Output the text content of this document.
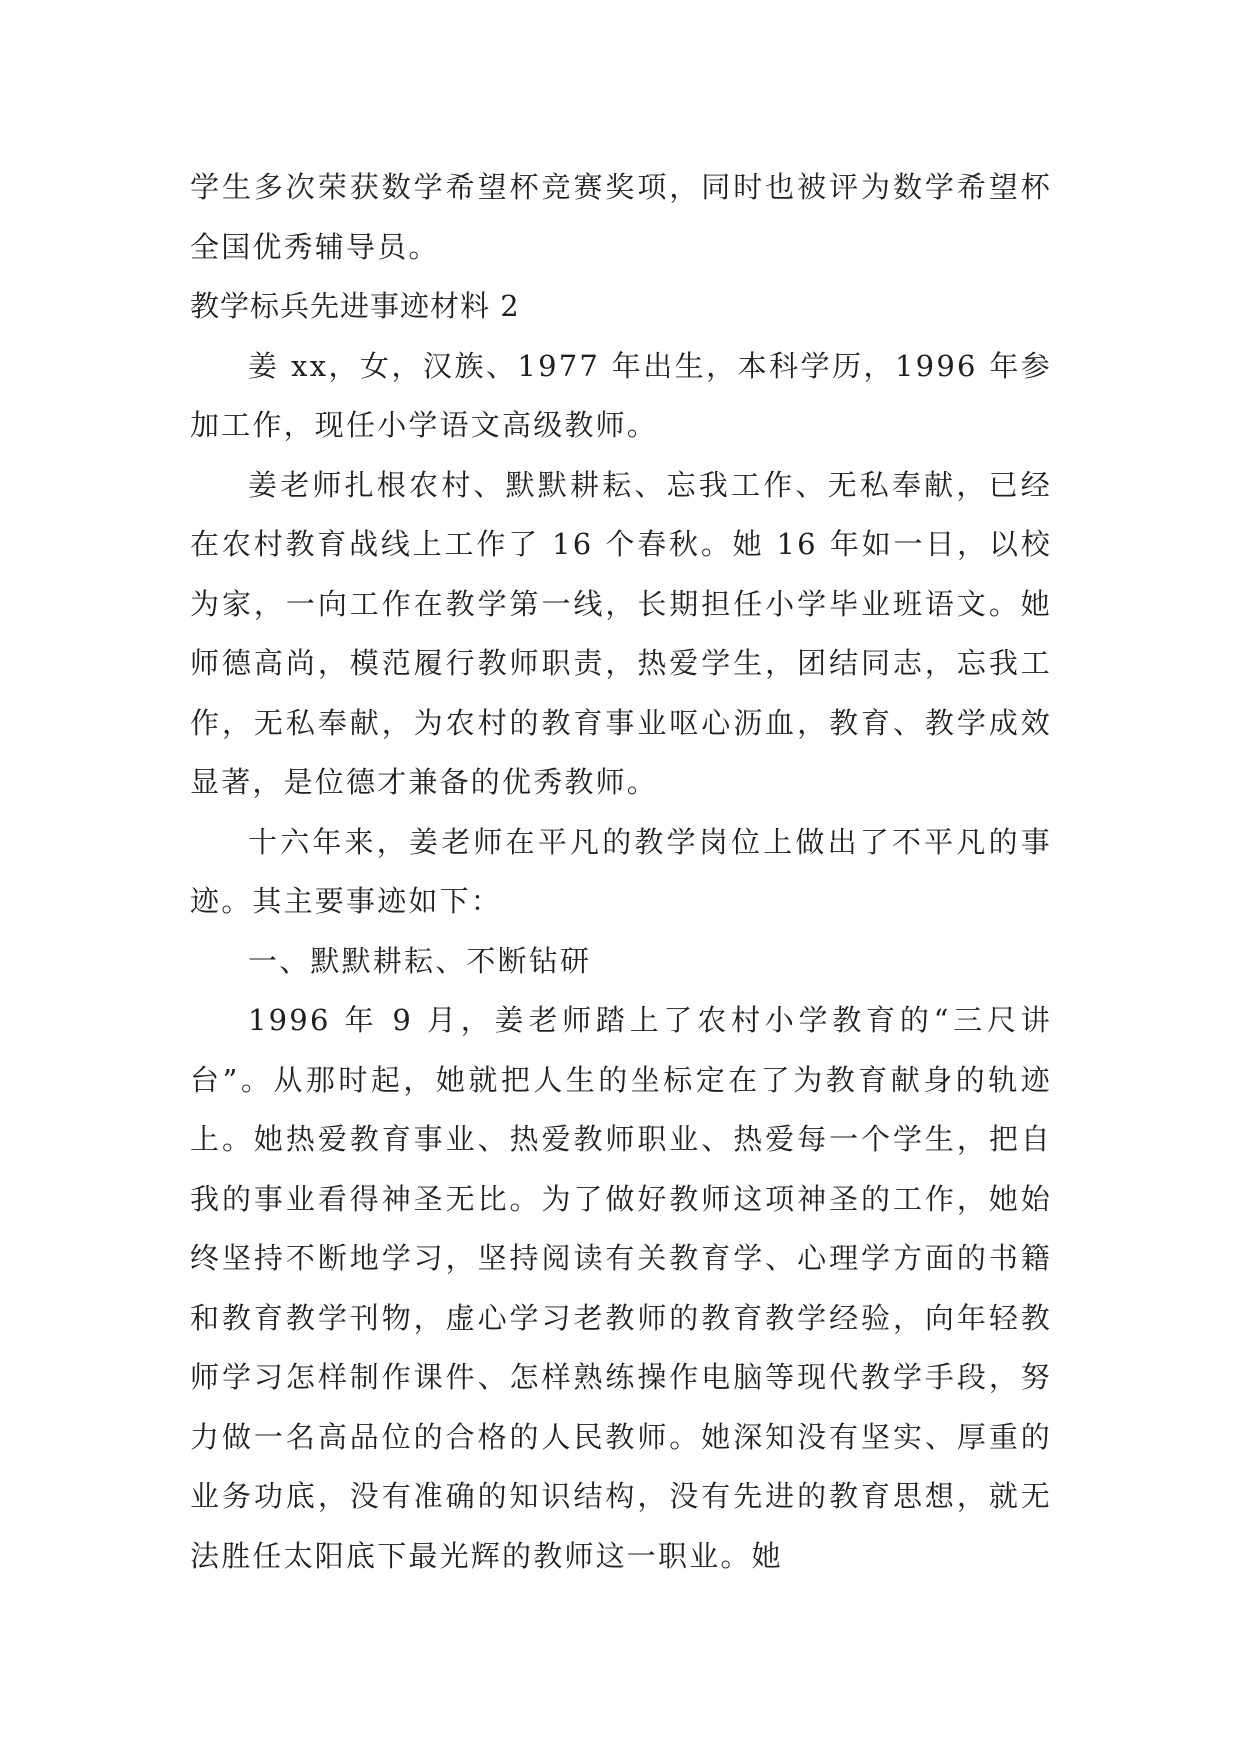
学生多次荣获数学希望杯竞赛奖项，同时也被评为数学希望杯全国优秀辅导员。

教学标兵先进事迹材料 2

姜 xx，女，汉族、1977 年出生，本科学历，1996 年参加工作，现任小学语文高级教师。

姜老师扎根农村、默默耕耘、忘我工作、无私奉献，已经在农村教育战线上工作了 16 个春秋。她 16 年如一日，以校为家，一向工作在教学第一线，长期担任小学毕业班语文。她师德高尚，模范履行教师职责，热爱学生，团结同志，忘我工作，无私奉献，为农村的教育事业呕心沥血，教育、教学成效显著，是位德才兼备的优秀教师。

十六年来，姜老师在平凡的教学岗位上做出了不平凡的事迹。其主要事迹如下：

一、默默耕耘、不断钻研

1996 年 9 月，姜老师踏上了农村小学教育的“三尺讲台”。从那时起，她就把人生的坐标定在了为教育献身的轨迹上。她热爱教育事业、热爱教师职业、热爱每一个学生，把自我的事业看得神圣无比。为了做好教师这项神圣的工作，她始终坚持不断地学习，坚持阅读有关教育学、心理学方面的书籍和教育教学刊物，虚心学习老教师的教育教学经验，向年轻教师学习怎样制作课件、怎样熟练操作电脑等现代教学手段，努力做一名高品位的合格的人民教师。她深知没有坚实、厚重的业务功底，没有准确的知识结构，没有先进的教育思想，就无法胜任太阳底下最光辉的教师这一职业。她
